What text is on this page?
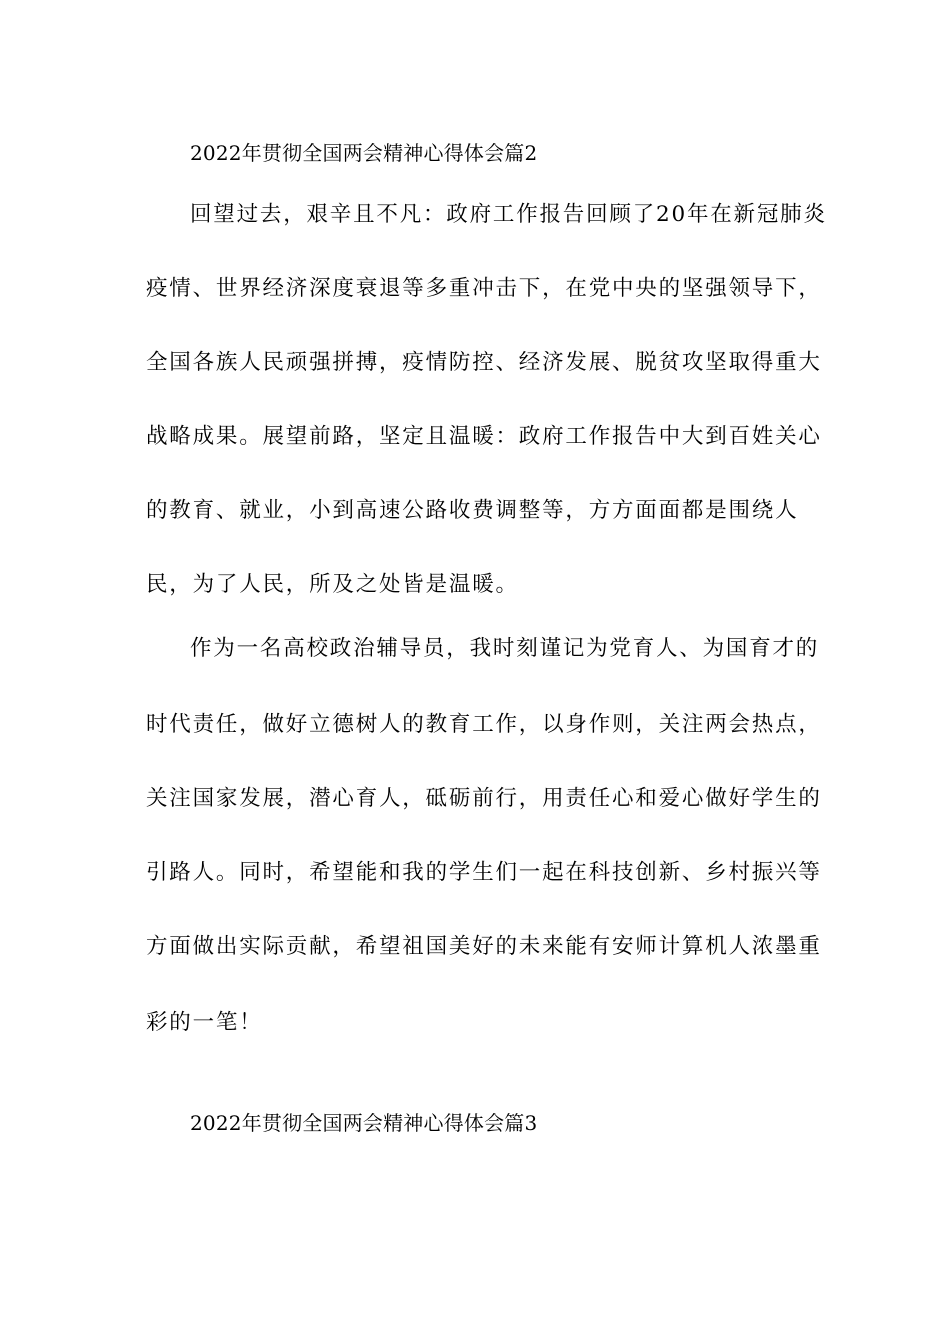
2022年贯彻全国两会精神心得体会篇2

回望过去，艰辛且不凡：政府工作报告回顾了20年在新冠肺炎

疫情、世界经济深度衰退等多重冲击下，在党中央的坚强领导下，

全国各族人民顽强拼搏，疫情防控、经济发展、脱贫攻坚取得重大

战略成果。展望前路，坚定且温暖：政府工作报告中大到百姓关心

的教育、就业，小到高速公路收费调整等，方方面面都是围绕人

民，为了人民，所及之处皆是温暖。

作为一名高校政治辅导员，我时刻谨记为党育人、为国育才的

时代责任，做好立德树人的教育工作，以身作则，关注两会热点，

关注国家发展，潜心育人，砥砺前行，用责任心和爱心做好学生的

引路人。同时，希望能和我的学生们一起在科技创新、乡村振兴等

方面做出实际贡献，希望祖国美好的未来能有安师计算机人浓墨重

彩的一笔！

2022年贯彻全国两会精神心得体会篇3
